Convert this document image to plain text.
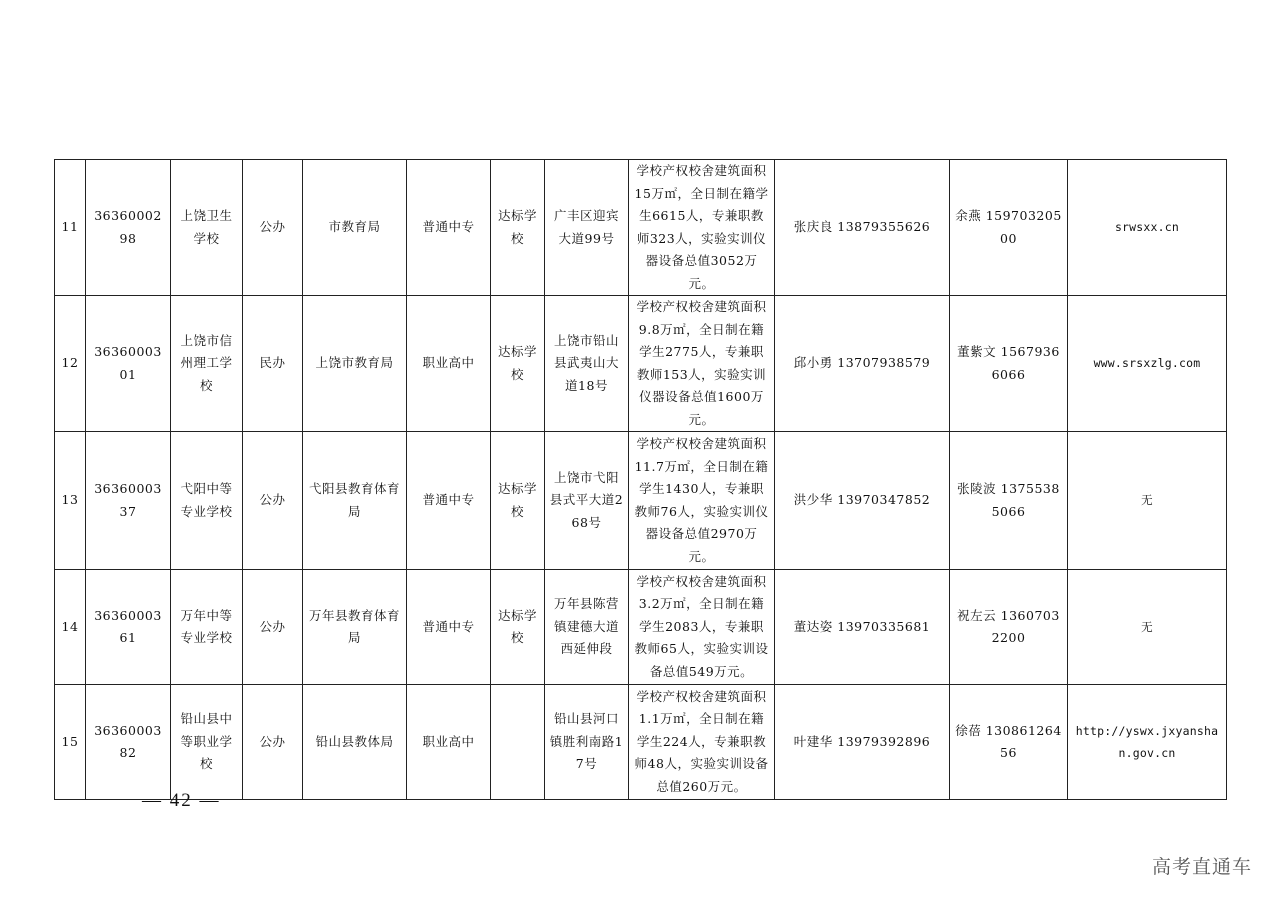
11	3636000298	上饶卫生学校	公办	市教育局	普通中专	达标学校	广丰区迎宾大道99号	学校产权校舍建筑面积15万㎡，全日制在籍学生6615人，专兼职教师323人，实验实训仪器设备总值3052万元。	张庆良 13879355626	余燕 15970320500	srwsxx.cn
12	3636000301	上饶市信州理工学校	民办	上饶市教育局	职业高中	达标学校	上饶市铅山县武夷山大道18号	学校产权校舍建筑面积9.8万㎡，全日制在籍学生2775人，专兼职教师153人，实验实训仪器设备总值1600万元。	邱小勇 13707938579	董紫文 15679366066	www.srsxzlg.com
13	3636000337	弋阳中等专业学校	公办	弋阳县教育体育局	普通中专	达标学校	上饶市弋阳县式平大道268号	学校产权校舍建筑面积11.7万㎡，全日制在籍学生1430人，专兼职教师76人，实验实训仪器设备总值2970万元。	洪少华 13970347852	张陵波 13755385066	无
14	3636000361	万年中等专业学校	公办	万年县教育体育局	普通中专	达标学校	万年县陈营镇建德大道西延伸段	学校产权校舍建筑面积3.2万㎡，全日制在籍学生2083人，专兼职教师65人，实验实训设备总值549万元。	董达姿 13970335681	祝左云 13607032200	无
15	3636000382	铅山县中等职业学校	公办	铅山县教体局	职业高中		铅山县河口镇胜利南路17号	学校产权校舍建筑面积1.1万㎡，全日制在籍学生224人，专兼职教师48人，实验实训设备总值260万元。	叶建华 13979392896	徐蓓 13086126456	http://yswx.jxyanshan.gov.cn
— 42 —
高考直通车
